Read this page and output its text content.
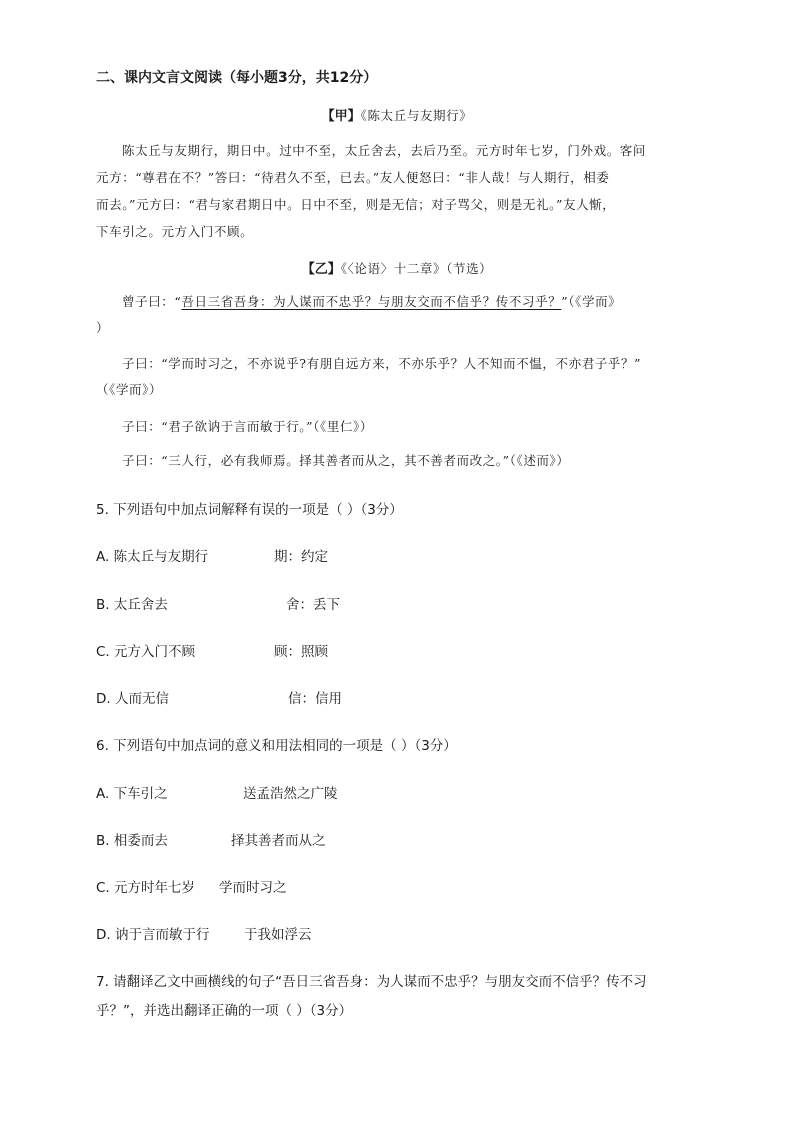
二、课内文言文阅读（每小题3分，共12分）
【甲】《陈太丘与友期行》
陈太丘与友期行，期日中。过中不至，太丘舍去，去后乃至。元方时年七岁，门外戏。客问
元方：“尊君在不？”答曰：“待君久不至，已去。”友人便怒曰：“非人哉！与人期行，相委
而去。”元方曰：“君与家君期日中。日中不至，则是无信；对子骂父，则是无礼。”友人惭，
下车引之。元方入门不顾。
【乙】《〈论语〉十二章》（节选）
曾子曰：“吾日三省吾身：为人谋而不忠乎？与朋友交而不信乎？传不习乎？”（《学而》
）
子曰：“学而时习之，不亦说乎?有朋自远方来，不亦乐乎？人不知而不愠，不亦君子乎？”
（《学而》）
子曰：“君子欲讷于言而敏于行。”（《里仁》）
子曰：“三人行，必有我师焉。择其善者而从之，其不善者而改之。”（《述而》）
5. 下列语句中加点词解释有误的一项是（ ）（3分）
A. 陈太丘与友期行	期：约定
B. 太丘舍去	舍：丢下
C. 元方入门不顾	顾：照顾
D. 人而无信	信：信用
6. 下列语句中加点词的意义和用法相同的一项是（ ）（3分）
A. 下车引之	送孟浩然之广陵
B. 相委而去	择其善者而从之
C. 元方时年七岁 学而时习之
D. 讷于言而敏于行	于我如浮云
7. 请翻译乙文中画横线的句子“吾日三省吾身：为人谋而不忠乎？与朋友交而不信乎？传不习
乎？”，并选出翻译正确的一项（ ）（3分）
